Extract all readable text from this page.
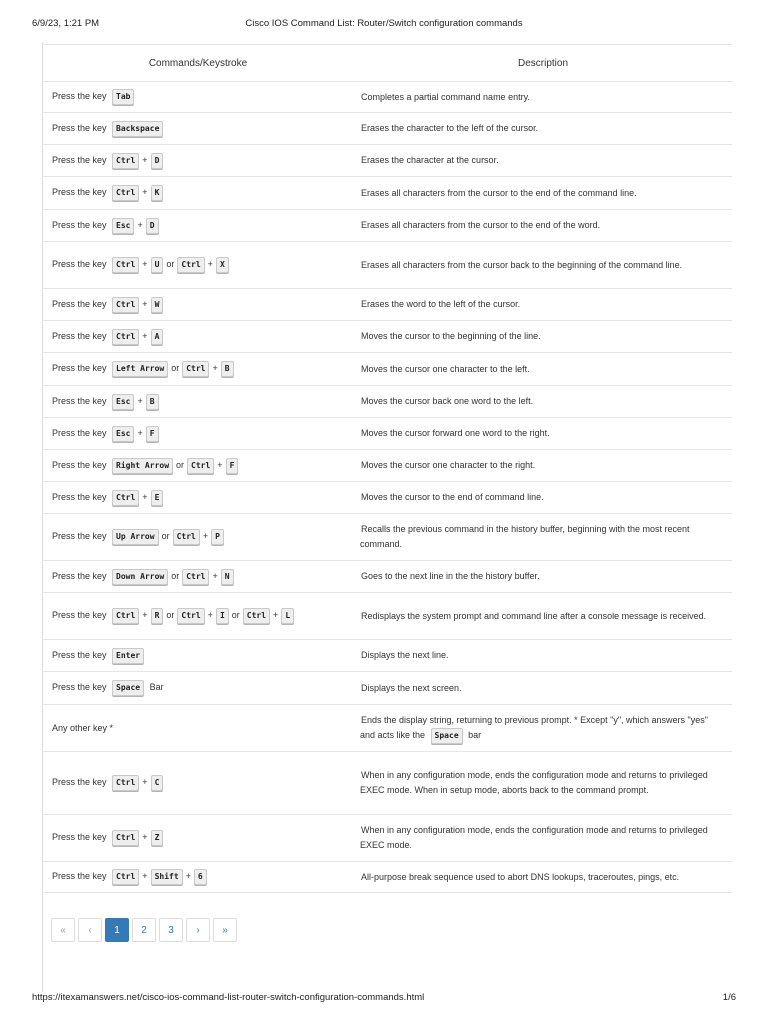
6/9/23, 1:21 PM	Cisco IOS Command List: Router/Switch configuration commands
Commands/Keystroke	Description
Press the key Tab	Completes a partial command name entry.
Press the key Backspace	Erases the character to the left of the cursor.
Press the key Ctrl + D	Erases the character at the cursor.
Press the key Ctrl + K	Erases all characters from the cursor to the end of the command line.
Press the key Esc + D	Erases all characters from the cursor to the end of the word.
Press the key Ctrl + U or Ctrl + X	Erases all characters from the cursor back to the beginning of the command line.
Press the key Ctrl + W	Erases the word to the left of the cursor.
Press the key Ctrl + A	Moves the cursor to the beginning of the line.
Press the key Left Arrow or Ctrl + B	Moves the cursor one character to the left.
Press the key Esc + B	Moves the cursor back one word to the left.
Press the key Esc + F	Moves the cursor forward one word to the right.
Press the key Right Arrow or Ctrl + F	Moves the cursor one character to the right.
Press the key Ctrl + E	Moves the cursor to the end of command line.
Press the key Up Arrow or Ctrl + P	Recalls the previous command in the history buffer, beginning with the most recent command.
Press the key Down Arrow or Ctrl + N	Goes to the next line in the the history buffer.
Press the key Ctrl + R or Ctrl + I or Ctrl + L	Redisplays the system prompt and command line after a console message is received.
Press the key Enter	Displays the next line.
Press the key Space Bar	Displays the next screen.
Any other key *	Ends the display string, returning to previous prompt. * Except "y", which answers "yes" and acts like the Space bar
Press the key Ctrl + C	When in any configuration mode, ends the configuration mode and returns to privileged EXEC mode. When in setup mode, aborts back to the command prompt.
Press the key Ctrl + Z	When in any configuration mode, ends the configuration mode and returns to privileged EXEC mode.
Press the key Ctrl + Shift + 6	All-purpose break sequence used to abort DNS lookups, traceroutes, pings, etc.
«	‹	1	2	3	›	»
https://itexamanswers.net/cisco-ios-command-list-router-switch-configuration-commands.html	1/6
